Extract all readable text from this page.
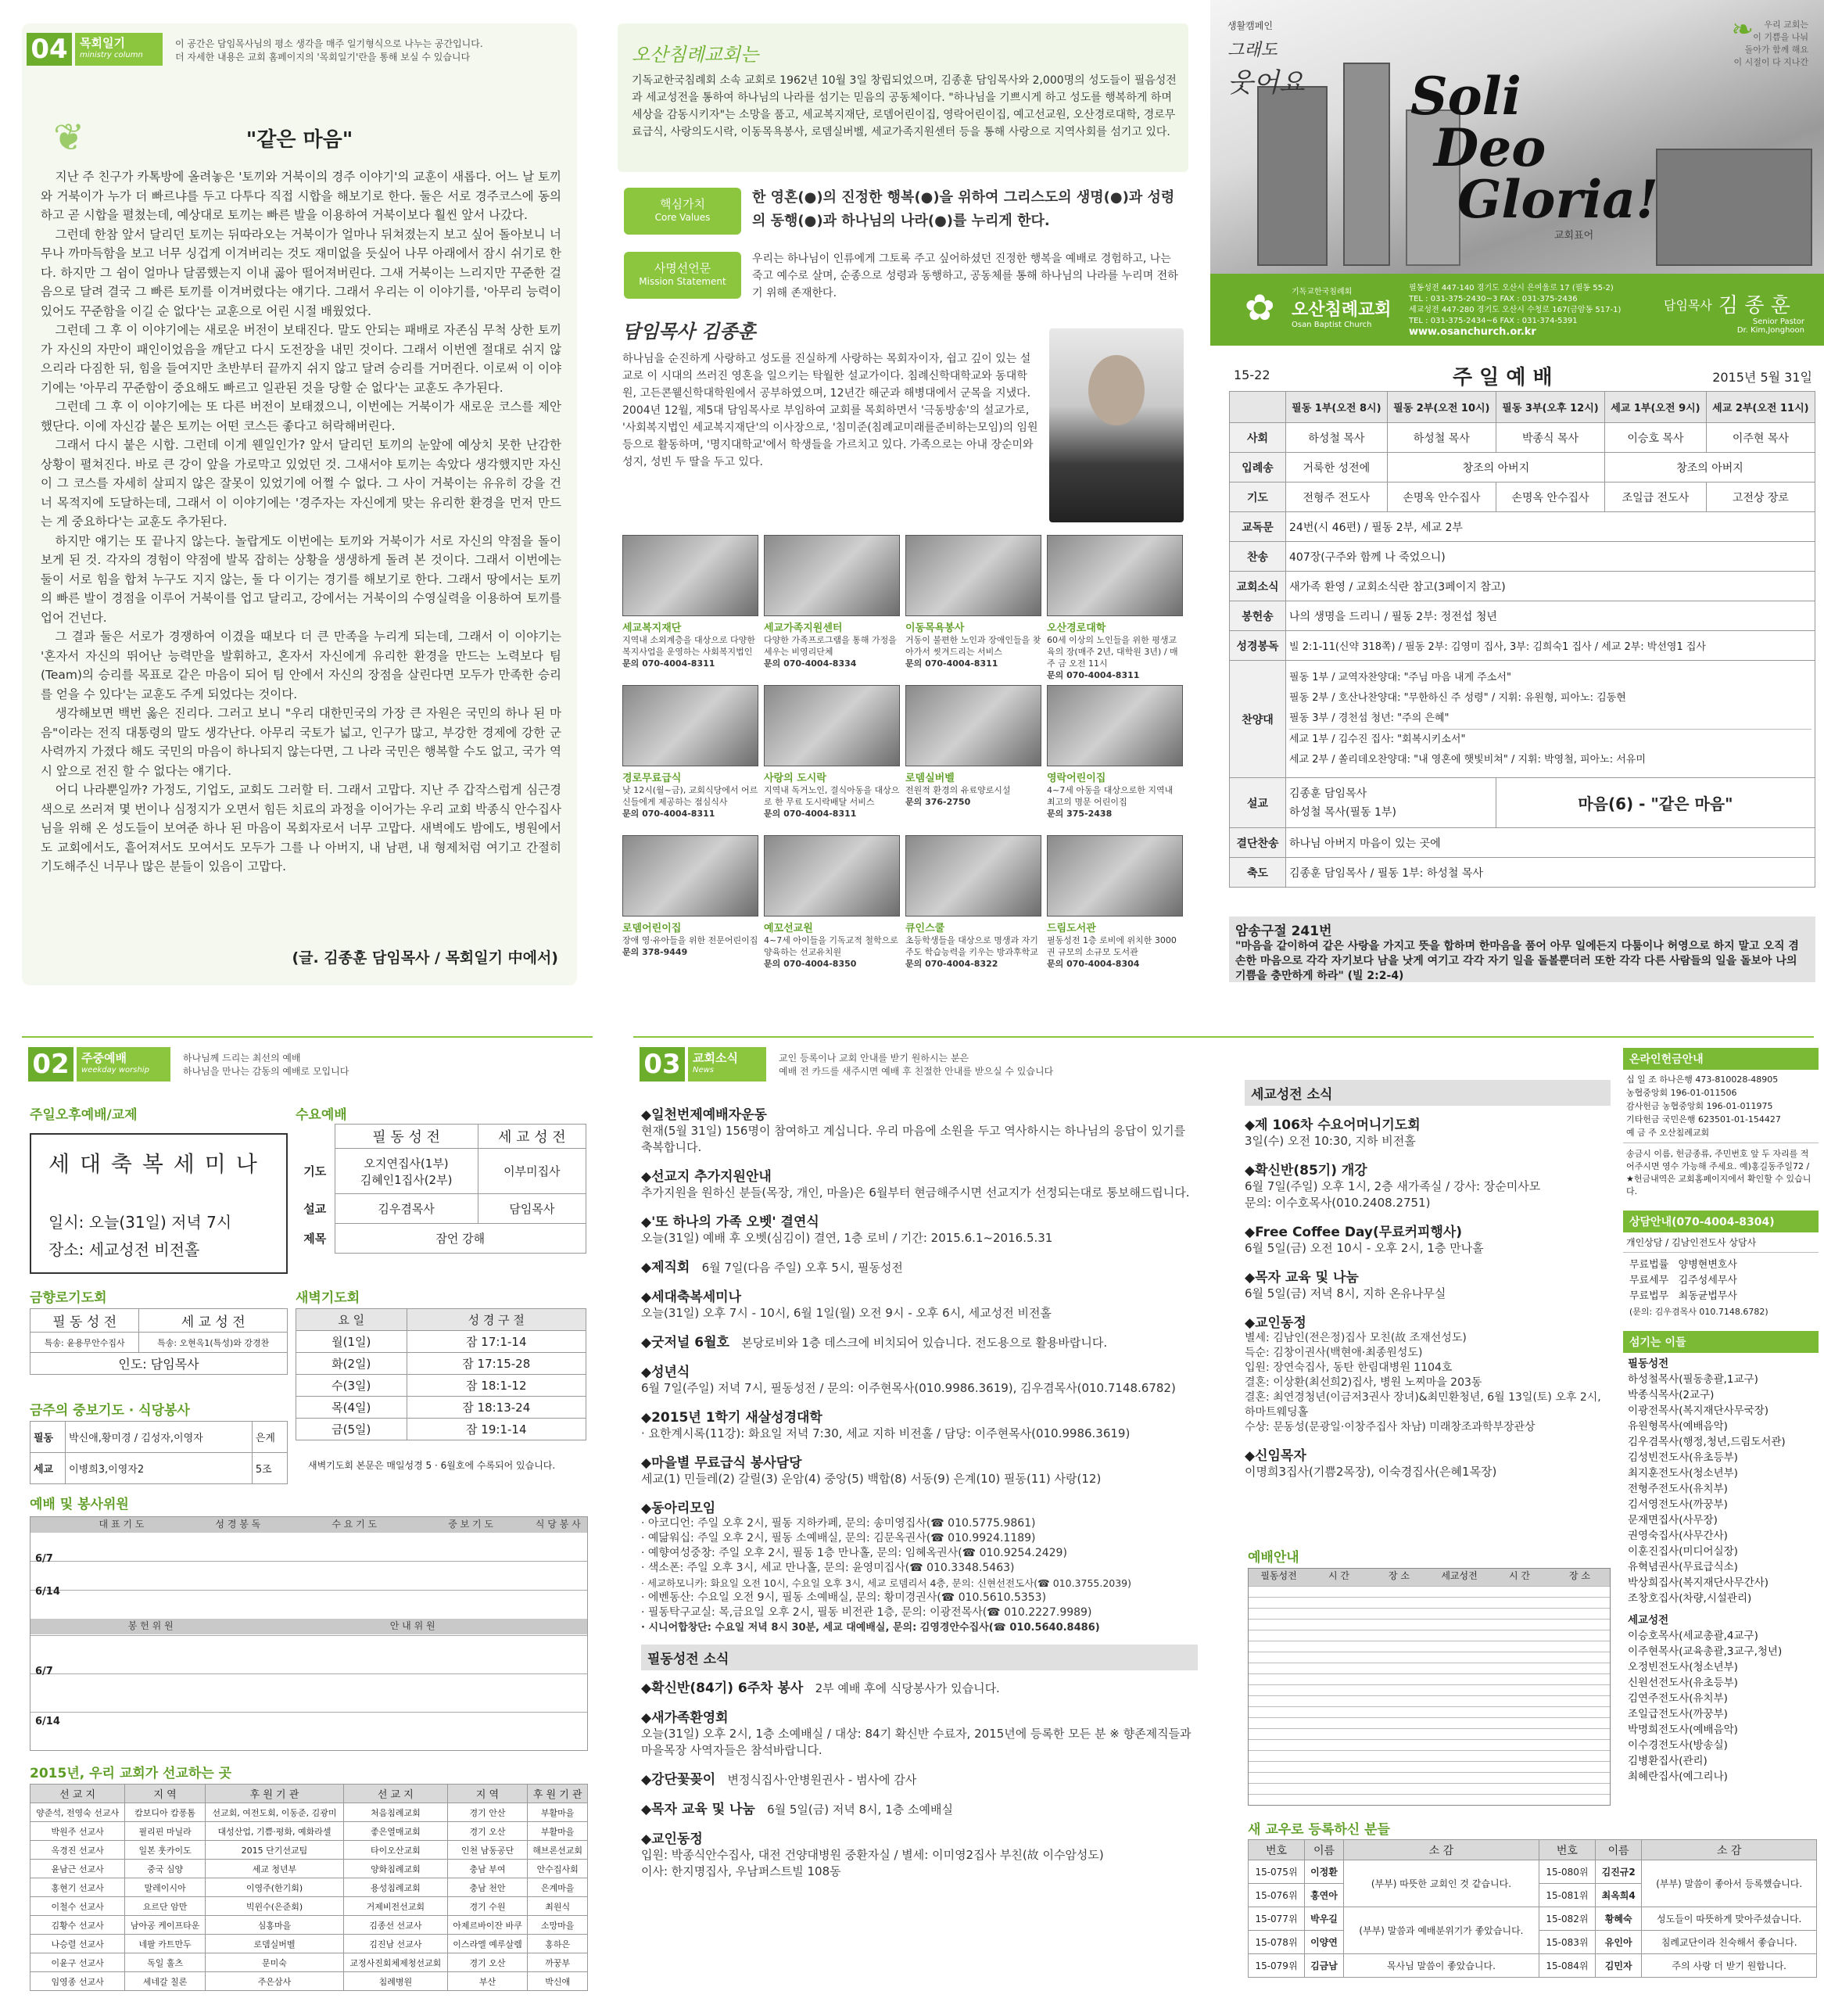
04	목회일기
ministry column
이 공간은 담임목사님의 평소 생각을 매주 일기형식으로 나누는 공간입니다.
더 자세한 내용은 교회 홈페이지의 '목회일기'란을 통해 보실 수 있습니다
❦	"같은 마음"

지난 주 친구가 카톡방에 올려놓은 '토끼와 거북이의 경주 이야기'의 교훈이 새롭다. 어느 날 토끼와 거북이가 누가 더 빠르냐를 두고 다투다 직접 시합을 해보기로 한다. 둘은 서로 경주코스에 동의하고 곧 시합을 펼쳤는데, 예상대로 토끼는 빠른 발을 이용하여 거북이보다 훨씬 앞서 나갔다.

그런데 한참 앞서 달리던 토끼는 뒤따라오는 거북이가 얼마나 뒤쳐졌는지 보고 싶어 돌아보니 너무나 까마득함을 보고 너무 싱겁게 이겨버리는 것도 재미없을 듯싶어 나무 아래에서 잠시 쉬기로 한다. 하지만 그 쉼이 얼마나 달콤했는지 이내 곯아 떨어져버린다. 그새 거북이는 느리지만 꾸준한 걸음으로 달려 결국 그 빠른 토끼를 이겨버렸다는 얘기다. 그래서 우리는 이 이야기를, '아무리 능력이 있어도 꾸준함을 이길 순 없다'는 교훈으로 어린 시절 배웠었다.

그런데 그 후 이 이야기에는 새로운 버전이 보태진다. 말도 안되는 패배로 자존심 무척 상한 토끼가 자신의 자만이 패인이었음을 깨닫고 다시 도전장을 내민 것이다. 그래서 이번엔 절대로 쉬지 않으리라 다짐한 뒤, 힘을 들여지만 초반부터 끝까지 쉬지 않고 달려 승리를 거머쥔다. 이로써 이 이야기에는 '아무리 꾸준함이 중요해도 빠르고 일관된 것을 당할 순 없다'는 교훈도 추가된다.

그런데 그 후 이 이야기에는 또 다른 버전이 보태졌으니, 이번에는 거북이가 새로운 코스를 제안했단다. 이에 자신감 붙은 토끼는 어떤 코스든 좋다고 허락해버린다.

그래서 다시 붙은 시합. 그런데 이게 웬일인가? 앞서 달리던 토끼의 눈앞에 예상치 못한 난감한 상황이 펼쳐진다. 바로 큰 강이 앞을 가로막고 있었던 것. 그새서야 토끼는 속았다 생각했지만 자신이 그 코스를 자세히 살피지 않은 잘못이 있었기에 어쩔 수 없다. 그 사이 거북이는 유유히 강을 건너 목적지에 도달하는데, 그래서 이 이야기에는 '경주자는 자신에게 맞는 유리한 환경을 먼저 만드는 게 중요하다'는 교훈도 추가된다.

하지만 얘기는 또 끝나지 않는다. 놀랍게도 이번에는 토끼와 거북이가 서로 자신의 약점을 돌이보게 된 것. 각자의 경험이 약점에 발목 잡히는 상황을 생생하게 돌려 본 것이다. 그래서 이번에는 둘이 서로 힘을 합쳐 누구도 지지 않는, 둘 다 이기는 경기를 해보기로 한다. 그래서 땅에서는 토끼의 빠른 발이 경점을 이루어 거북이를 업고 달리고, 강에서는 거북이의 수영실력을 이용하여 토끼를 업어 건넌다.

그 결과 둘은 서로가 경쟁하여 이겼을 때보다 더 큰 만족을 누리게 되는데, 그래서 이 이야기는 '혼자서 자신의 뛰어난 능력만을 발휘하고, 혼자서 자신에게 유리한 환경을 만드는 노력보다 팀(Team)의 승리를 목표로 같은 마음이 되어 팀 안에서 자신의 장점을 살린다면 모두가 만족한 승리를 얻을 수 있다'는 교훈도 주게 되었다는 것이다.

생각해보면 백번 옳은 진리다. 그러고 보니 "우리 대한민국의 가장 큰 자원은 국민의 하나 된 마음"이라는 전직 대통령의 말도 생각난다. 아무리 국토가 넓고, 인구가 많고, 부강한 경제에 강한 군사력까지 가졌다 해도 국민의 마음이 하나되지 않는다면, 그 나라 국민은 행복할 수도 없고, 국가 역시 앞으로 전진 할 수 없다는 얘기다.

어디 나라뿐일까? 가정도, 기업도, 교회도 그러할 터. 그래서 고맙다. 지난 주 갑작스럽게 심근경색으로 쓰러져 몇 번이나 심정지가 오면서 힘든 치료의 과정을 이어가는 우리 교회 박종식 안수집사님을 위해 온 성도들이 보여준 하나 된 마음이 목회자로서 너무 고맙다. 새벽에도 밤에도, 병원에서도 교회에서도, 흩어져서도 모여서도 모두가 그를 나 아버지, 내 남편, 내 형제처럼 여기고 간절히 기도해주신 너무나 많은 분들이 있음이 고맙다.

(글. 김종훈 담임목사 / 목회일기 中에서)
오산침례교회는
기독교한국침례회 소속 교회로 1962년 10월 3일 창립되었으며, 김종훈 담임목사와 2,000명의 성도들이 필음성전과 세교성전을 통하여 하나님의 나라를 섬기는 믿음의 공동체이다. "하나님을 기쁘시게 하고 성도를 행복하게 하며 세상을 감동시키자"는 소망을 품고, 세교복지재단, 로뎀어린이집, 영락어린이집, 예고선교원, 오산경로대학, 경로무료급식, 사랑의도시락, 이동목욕봉사, 로뎀실버벨, 세교가족지원센터 등을 통해 사랑으로 지역사회를 섬기고 있다.
핵심가치
Core Values
한 영혼(●)의 진정한 행복(●)을 위하여 그리스도의 생명(●)과 성령의 동행(●)과 하나님의 나라(●)를 누리게 한다.
사명선언문
Mission Statement
우리는 하나님이 인류에게 그토록 주고 싶어하셨던 진정한 행복을 예배로 경험하고, 나는 죽고 예수로 살며, 순종으로 성령과 동행하고, 공동체를 통해 하나님의 나라를 누리며 전하기 위해 존재한다.
담임목사 김종훈
하나님을 순진하게 사랑하고 성도를 진실하게 사랑하는 목회자이자, 쉽고 깊이 있는 설교로 이 시대의 쓰러진 영혼을 일으키는 탁월한 설교가이다. 침례신학대학교와 동대학원, 고든콘웰신학대학원에서 공부하였으며, 12년간 해군과 해병대에서 군목을 지냈다. 2004년 12월, 제5대 담임목사로 부임하여 교회를 목회하면서 '극동방송'의 설교가로, '사회복지법인 세교복지재단'의 이사장으로, '침미준(침례교미래를준비하는모임)의 임원 등으로 활동하며, '명지대학교'에서 학생들을 가르치고 있다. 가족으로는 아내 장순미와 성지, 성빈 두 딸을 두고 있다.
세교복지재단
지역내 소외계층을 대상으로 다양한 복지사업을 운영하는 사회복지법인
문의 070-4004-8311
세교가족지원센터
다양한 가족프로그램을 통해 가정을 세우는 비영리단체
문의 070-4004-8334
이동목욕봉사
거동이 불편한 노인과 장애인들을 찾아가서 씻겨드리는 서비스
문의 070-4004-8311
오산경로대학
60세 이상의 노인들을 위한 평생교육의 장(매주 2년, 대학원 3년) / 매주 금 오전 11시
문의 070-4004-8311
경로무료급식
낮 12시(월~금), 교회식당에서 어르신들에게 제공하는 점심식사
문의 070-4004-8311
사랑의 도시락
지역내 독거노인, 결식아동을 대상으로 한 무료 도시락배달 서비스
문의 070-4004-8311
로뎀실버벨
전원적 환경의 유료양로시설
문의 376-2750
영락어린이집
4~7세 아동을 대상으로한 지역내 최고의 명문 어린이집
문의 375-2438
로뎀어린이집
장애 영·유아들을 위한 전문어린이집
문의 378-9449
예꼬선교원
4~7세 아이들을 기독교적 철학으로 양육하는 선교유치원
문의 070-4004-8350
큐인스쿨
초등학생들을 대상으로 명생과 자기주도 학습능력을 키우는 방과후학교
문의 070-4004-8322
드림도서관
필동성전 1층 로비에 위치한 3000권 규모의 소규모 도서관
문의 070-4004-8304
생활캠페인
그래도
웃어요
우리 교회는
이 기쁨을 나눠
돌아가 함께 해요
이 시절이 다 지나간
❧
Soli
Deo
Gloria!
교회표어
✿ 기독교한국침례회
오산침례교회
Osan Baptist Church
필동성전 447-140 경기도 오산시 은여울로 17 (필동 55-2)
TEL : 031-375-2430~3 FAX : 031-375-2436
세교성전 447-280 경기도 오산시 수청로 167(금암동 517-1)
TEL : 031-375-2434~6 FAX : 031-374-5391
www.osanchurch.or.kr
담임목사 김 종 훈
Senior Pastor
Dr. Kim,Jonghoon
15-22	주 일 예 배	2015년 5월 31일
	필동 1부(오전 8시)	필동 2부(오전 10시)	필동 3부(오후 12시)	세교 1부(오전 9시)	세교 2부(오전 11시)
사회	하성철 목사	하성철 목사	박종식 목사	이승호 목사	이주현 목사
입례송	거룩한 성전에	창조의 아버지		창조의 아버지	
기도	전형주 전도사	손명옥 안수집사	손명옥 안수집사	조일급 전도사	고전상 장로
교독문	24번(시 46편) / 필동 2부, 세교 2부				
찬송	407장(구주와 함께 나 죽었으니)				
교회소식	새가족 환영 / 교회소식란 참고(3페이지 참고)				
봉헌송	나의 생명을 드리니 / 필동 2부: 정전섭 청년				
성경봉독	빌 2:1-11(신약 318쪽) / 필동 2부: 김영미 집사, 3부: 김희숙1 집사 / 세교 2부: 박선영1 집사				
찬양대	필동 1부 / 교역자찬양대: "주님 마음 내게 주소서"
필동 2부 / 호산나찬양대: "무한하신 주 성령" / 지휘: 유원형, 피아노: 김동현
필동 3부 / 경천섬 청년: "주의 은혜"
세교 1부 / 김수진 집사: "회복시키소서"
세교 2부 / 쏠리데오찬양대: "내 영혼에 햇빛비쳐" / 지휘: 박영철, 피아노: 서유미				

설교	김종훈 담임목사
하성철 목사(필동 1부)		마음(6) - "같은 마음"		
결단찬송	하나님 아버지 마음이 있는 곳에				
축도	김종훈 담임목사 / 필동 1부: 하성철 목사				
암송구절 241번
"마음을 같이하여 같은 사랑을 가지고 뜻을 합하며 한마음을 품어 아무 일에든지 다툼이나 허영으로 하지 말고 오직 겸손한 마음으로 각각 자기보다 남을 낫게 여기고 각각 자기 일을 돌볼뿐더러 또한 각각 다른 사람들의 일을 돌보아 나의 기쁨을 충만하게 하라" (빌 2:2-4)
02	주중예배
weekday worship
하나님께 드리는 최선의 예배
하나님을 만나는 감동의 예배로 모입니다
주일오후예배/교제
세 대 축 복 세 미 나
일시: 오늘(31일) 저녁 7시
장소: 세교성전 비전홀
수요예배
	필 동 성 전	세 교 성 전
기도	오지연집사(1부)
김혜인1집사(2부)	이부미집사
설교	김우겸목사	담임목사
제목	잠언 강해	
금향로기도회
필 동 성 전	세 교 성 전
특송: 윤용무안수집사	특송: 오현옥1(특성)와 강경찬
인도: 담임목사	
새벽기도회
요 일	성 경 구 절
월(1일)	잠 17:1-14
화(2일)	잠 17:15-28
수(3일)	잠 18:1-12
목(4일)	잠 18:13-24
금(5일)	잠 19:1-14
새벽기도회 본문은 매일성경 5 · 6월호에 수록되어 있습니다.
금주의 중보기도 · 식당봉사
필동	박신애,황미경 / 김성자,이영자	은계
세교	이병희3,이영자2	5조
예배 및 봉사위원
대 표 기 도	성 경 봉 독	수 요 기 도	중 보 기 도	식 당 봉 사
6/7
6/14
봉 헌 위 원	안 내 위 원
6/7
6/14
2015년, 우리 교회가 선교하는 곳
선 교 지	지 역	후 원 기 관	선 교 지	지 역	후 원 기 관
양준석, 전영숙 선교사	캄보디아 캄퐁톰	선교회, 여전도회, 이동준, 김광미	처음침례교회	경기 안산	부활마을
박원주 선교사	필리핀 마닐라	대성산업, 기쁨·평화, 예화라셀	좋은열매교회	경기 오산	부활마을
옥경진 선교사	일본 훗카이도	2015 단기선교팀	타이오산교회	인천 남동공단	해브론선교회
윤남근 선교사	중국 심양	세교 청년부	양화침례교회	충남 부여	안수집사회
홍현기 선교사	말레이시아	이영주(한기회)	용성침례교회	충남 천안	은계마을
이철수 선교사	요르단 암만	빅윈수(은준회)	거제비전선교회	경기 수원	최원식
김황수 선교사	남아공 케이프타운	심홍마을	김종선 선교사	아제르바이잔 바쿠	소망마을
나승렬 선교사	네팔 카트만두	로뎀실버벨	김진남 선교사	이스라엘 예루살렘	홍하은
이윤구 선교사	독일 훌츠	문미숙	교정사진회체제청선교회	경기 오산	까꿍부
임영종 선교사	세네갈 칠론	주은삼사	침례병원	부산	박신애
03	교회소식
News
교인 등록이나 교회 안내를 받기 원하시는 분은
예배 전 카드를 새주시면 예배 후 친절한 안내를 받으실 수 있습니다
◆일천번제예배자운동
현재(5월 31일) 156명이 참여하고 계십니다. 우리 마음에 소원을 두고 역사하시는 하나님의 응답이 있기를 축복합니다.
◆선교지 추가지원안내
추가지원을 원하신 분들(목장, 개인, 마을)은 6월부터 현금해주시면 선교지가 선정되는대로 통보해드립니다.
◆'또 하나의 가족 오벳' 결연식
오늘(31일) 예배 후 오벳(심김이) 결연, 1층 로비 / 기간: 2015.6.1~2016.5.31
◆제직회 6월 7일(다음 주일) 오후 5시, 필동성전
◆세대축복세미나
오늘(31일) 오후 7시 - 10시, 6월 1일(월) 오전 9시 - 오후 6시, 세교성전 비전홀
◆굿저널 6월호 본당로비와 1층 데스크에 비치되어 있습니다. 전도용으로 활용바랍니다.
◆성년식
6월 7일(주일) 저녁 7시, 필동성전 / 문의: 이주현목사(010.9986.3619), 김우겸목사(010.7148.6782)
◆2015년 1학기 새살성경대학
· 요한계시록(11강): 화요일 저녁 7:30, 세교 지하 비전홀 / 담당: 이주현목사(010.9986.3619)
◆마을별 무료급식 봉사담당
세교(1) 민들레(2) 갈릴(3) 운암(4) 중앙(5) 백합(8) 서동(9) 은계(10) 필동(11) 사랑(12)
◆동아리모임
· 아코디언: 주일 오후 2시, 필동 지하카페, 문의: 송미영집사(☎ 010.5775.9861)
· 예닮워십: 주일 오후 2시, 필동 소예배실, 문의: 김문옥권사(☎ 010.9924.1189)
· 예향여성중창: 주일 오후 2시, 필동 1층 만나홀, 문의: 임혜옥권사(☎ 010.9254.2429)
· 색소폰: 주일 오후 3시, 세교 만나홀, 문의: 윤영미집사(☎ 010.3348.5463)
· 세교하모니카: 화요일 오전 10시, 수요일 오후 3시, 세교 로뎀리서 4층, 문의: 신현선전도사(☎ 010.3755.2039)
· 에벤동산: 수요일 오전 9시, 필동 소예배실, 문의: 황미경권사(☎ 010.5610.5353)
· 필동탁구교실: 목,금요일 오후 2시, 필동 비전관 1층, 문의: 이광전목사(☎ 010.2227.9989)
· 시니어합창단: 수요일 저녁 8시 30분, 세교 대예배실, 문의: 김영경안수집사(☎ 010.5640.8486)
필동성전 소식
◆확신반(84기) 6주차 봉사 2부 예배 후에 식당봉사가 있습니다.
◆새가족환영회
오늘(31일) 오후 2시, 1층 소예배실 / 대상: 84기 확신반 수료자, 2015년에 등록한 모든 분 ※ 향존제직들과 마을목장 사역자들은 참석바랍니다.
◆강단꽃꽂이 변정식집사·안병원권사 - 범사에 감사
◆목자 교육 및 나눔 6월 5일(금) 저녁 8시, 1층 소예배실
◆교인동정
입원: 박종식안수집사, 대전 건양대병원 중환자실 / 별세: 이미영2집사 부친(故 이수암성도)
이사: 한지명집사, 우남퍼스트빌 108동
세교성전 소식
◆제 106차 수요어머니기도회
3일(수) 오전 10:30, 지하 비전홀
◆확신반(85기) 개강
6월 7일(주일) 오후 1시, 2층 새가족실 / 강사: 장순미사모
문의: 이수호목사(010.2408.2751)
◆Free Coffee Day(무료커피행사)
6월 5일(금) 오전 10시 - 오후 2시, 1층 만나홀
◆목자 교육 및 나눔
6월 5일(금) 저녁 8시, 지하 온유나무실
◆교인동정
별세: 김남인(전은정)집사 모친(故 조재선성도)
득순: 김창이권사(백현애·최종원성도)
입원: 장연숙집사, 동탄 한림대병원 1104호
결혼: 이상환(최선희2)집사, 병원 노찌마을 203동
결혼: 최연경청년(이금저3권사 장녀)&최민환청년, 6월 13일(토) 오후 2시, 하마트웨딩홀
수상: 문동성(문광일·이창주집사 차남) 미래창조과학부장관상
◆신임목자
이명희3집사(기쁨2목장), 이숙경집사(은혜1목장)
예배안내
필동성전	시 간	장 소	세교성전	시 간	장 소
새 교우로 등록하신 분들
번호	이름	소 감	번호	이름	소 감
15-075위	이정환	(부부) 따뜻한 교회인 것 같습니다.	15-080위	김진규2	(부부) 말씀이 좋아서 등록했습니다.
15-076위	홍연아		15-081위	최옥희4	
15-077위	박우길	(부부) 말씀과 예배분위기가 좋았습니다.	15-082위	황혜숙	성도들이 따뜻하게 맞아주셨습니다.
15-078위	이양연		15-083위	유인아	침례교단이라 친숙해서 좋습니다.
15-079위	김금남	목사님 말씀이 좋았습니다.	15-084위	김민자	주의 사랑 더 받기 원합니다.
온라인헌금안내
십 일 조 하나은행 473-810028-48905
농협중앙회 196-01-011506
감사헌금 농협중앙회 196-01-011975
기타헌금 국민은행 623501-01-154427
예 금 주 오산침례교회
송금시 이름, 헌금종류, 주민번호 앞 두 자리를 적어주시면 영수 가능해 주세요. 예)홍길동주일72 / ★헌금내역은 교회홈페이지에서 확인할 수 있습니다.
상담안내(070-4004-8304)
개인상담 / 김남인전도사 상담사
무료법률 양병현변호사
무료세무 김주성세무사
무료법무 최동균법무사
(문의: 김우겸목사 010.7148.6782)
섬기는 이들
필동성전
하성철목사(필동총괄,1교구)
박종식목사(2교구)
이광전목사(복지재단사무국장)
유원형목사(예배음악)
김우겸목사(행정,청년,드림도서관)
김성빈전도사(유초등부)
최지훈전도사(청소년부)
전형주전도사(유치부)
김서영전도사(까꿍부)
문재면집사(사무장)
권영숙집사(사무간사)
이훈진집사(미디어실장)
유혁념권사(무료급식소)
박상희집사(복지재단사무간사)
조창호집사(차량,시설관리)
세교성전
이승호목사(세교총괄,4교구)
이주현목사(교육총괄,3교구,청년)
오정빈전도사(청소년부)
신원선전도사(유초등부)
김연주전도사(유치부)
조일급전도사(까꿍부)
박명희전도사(예배음악)
이수경전도사(방송실)
김병환집사(관리)
최혜란집사(예그리나)
